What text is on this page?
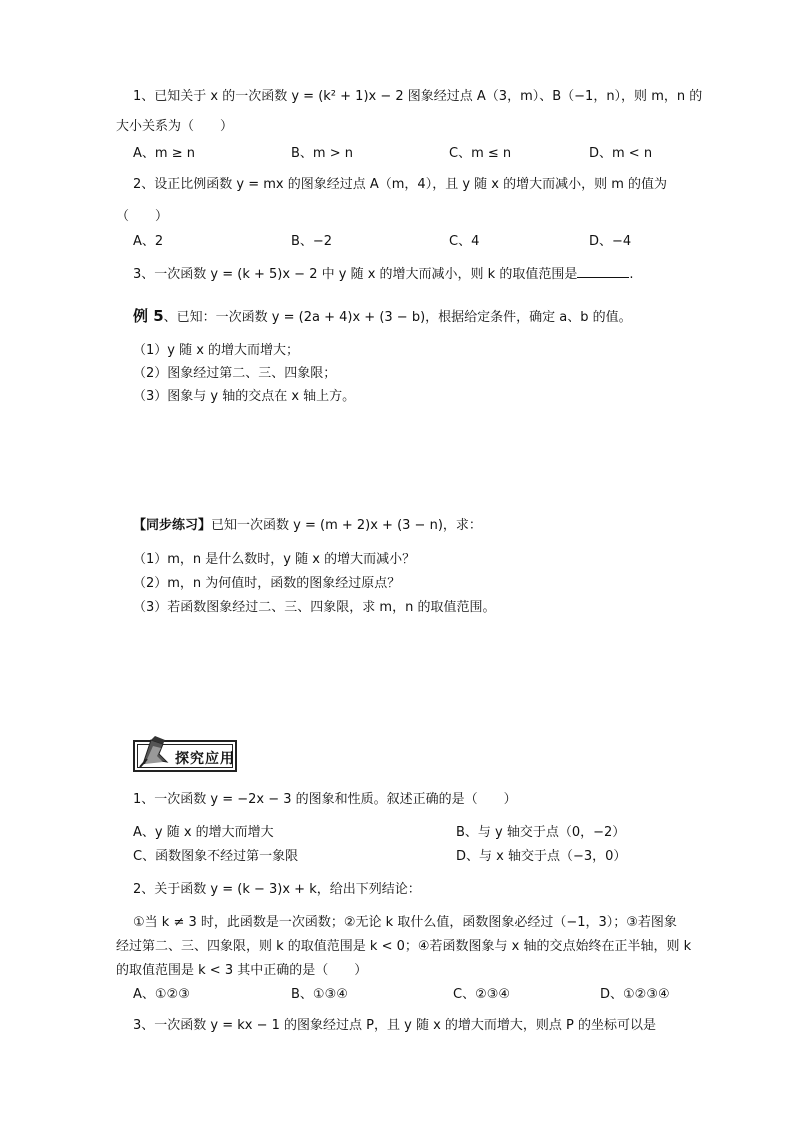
1、已知关于 x 的一次函数 y = (k² + 1)x − 2 图象经过点 A（3，m）、B（−1，n），则 m，n 的
大小关系为（　　）
A、m ≥ n	B、m > n	C、m ≤ n	D、m < n
2、设正比例函数 y = mx 的图象经过点 A（m，4），且 y 随 x 的增大而减小，则 m 的值为
（　　）
A、2	B、−2	C、4	D、−4
3、一次函数 y = (k + 5)x − 2 中 y 随 x 的增大而减小，则 k 的取值范围是	.
例 5、已知：一次函数 y = (2a + 4)x + (3 − b)，根据给定条件，确定 a、b 的值。
（1）y 随 x 的增大而增大；
（2）图象经过第二、三、四象限；
（3）图象与 y 轴的交点在 x 轴上方。
【同步练习】已知一次函数 y = (m + 2)x + (3 − n)，求：
（1）m，n 是什么数时，y 随 x 的增大而减小？
（2）m，n 为何值时，函数的图象经过原点？
（3）若函数图象经过二、三、四象限，求 m，n 的取值范围。
探究应用
1、一次函数 y = −2x − 3 的图象和性质。叙述正确的是（　　）
A、y 随 x 的增大而增大	B、与 y 轴交于点（0，−2）
C、函数图象不经过第一象限	D、与 x 轴交于点（−3，0）
2、关于函数 y = (k − 3)x + k，给出下列结论：
①当 k ≠ 3 时，此函数是一次函数；②无论 k 取什么值，函数图象必经过（−1，3）；③若图象
经过第二、三、四象限，则 k 的取值范围是 k < 0；④若函数图象与 x 轴的交点始终在正半轴，则 k
的取值范围是 k < 3 其中正确的是（　　）
A、①②③	B、①③④	C、②③④	D、①②③④
3、一次函数 y = kx − 1 的图象经过点 P，且 y 随 x 的增大而增大，则点 P 的坐标可以是
